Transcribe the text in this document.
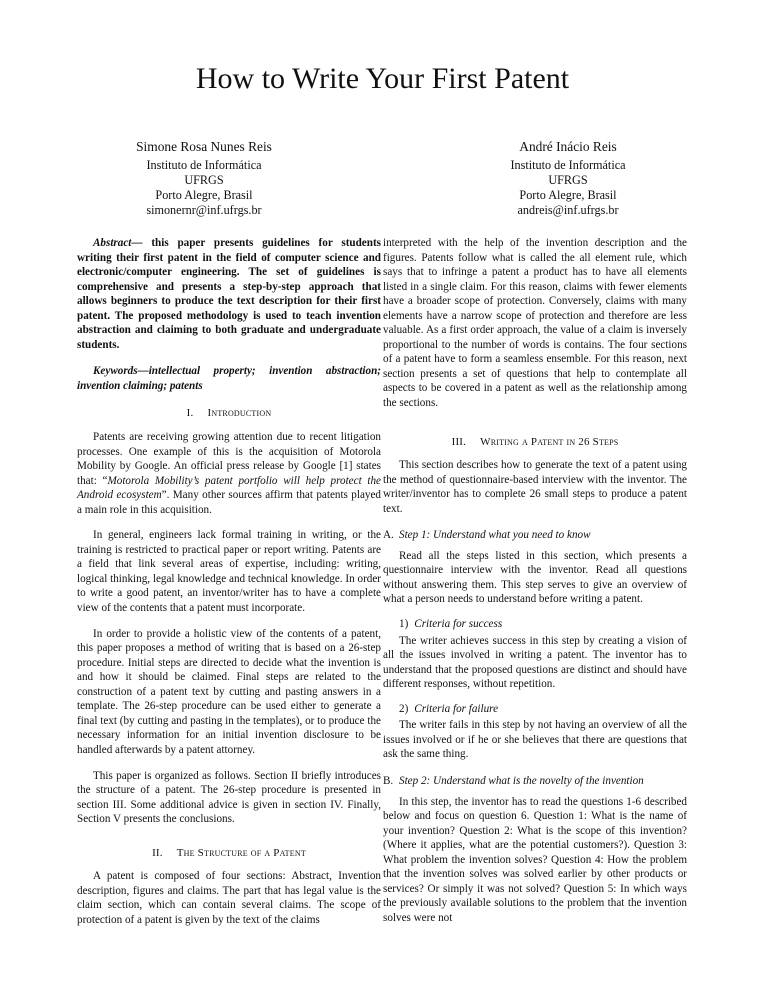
How to Write Your First Patent
Simone Rosa Nunes Reis
Instituto de Informática
UFRGS
Porto Alegre, Brasil
simonernr@inf.ufrgs.br
André Inácio Reis
Instituto de Informática
UFRGS
Porto Alegre, Brasil
andreis@inf.ufrgs.br

Abstract— this paper presents guidelines for students writing their first patent in the field of computer science and electronic/computer engineering. The set of guidelines is comprehensive and presents a step-by-step approach that allows beginners to produce the text description for their first patent. The proposed methodology is used to teach invention abstraction and claiming to both graduate and undergraduate students.

Keywords—intellectual property; invention abstraction; invention claiming; patents

I. Introduction

Patents are receiving growing attention due to recent litigation processes. One example of this is the acquisition of Motorola Mobility by Google. An official press release by Google [1] states that: “Motorola Mobility’s patent portfolio will help protect the Android ecosystem”. Many other sources affirm that patents played a main role in this acquisition.

In general, engineers lack formal training in writing, or the training is restricted to practical paper or report writing. Patents are a field that link several areas of expertise, including: writing, logical thinking, legal knowledge and technical knowledge. In order to write a good patent, an inventor/writer has to have a complete view of the contents that a patent must incorporate.

In order to provide a holistic view of the contents of a patent, this paper proposes a method of writing that is based on a 26-step procedure. Initial steps are directed to decide what the invention is and how it should be claimed. Final steps are related to the construction of a patent text by cutting and pasting answers in a template. The 26-step procedure can be used either to generate a final text (by cutting and pasting in the templates), or to produce the necessary information for an initial invention disclosure to be handled afterwards by a patent attorney.

This paper is organized as follows. Section II briefly introduces the structure of a patent. The 26-step procedure is presented in section III. Some additional advice is given in section IV. Finally, Section V presents the conclusions.

II. The Structure of a Patent

A patent is composed of four sections: Abstract, Invention description, figures and claims. The part that has legal value is the claim section, which can contain several claims. The scope of protection of a patent is given by the text of the claims

interpreted with the help of the invention description and the figures. Patents follow what is called the all element rule, which says that to infringe a patent a product has to have all elements listed in a single claim. For this reason, claims with fewer elements have a broader scope of protection. Conversely, claims with many elements have a narrow scope of protection and therefore are less valuable. As a first order approach, the value of a claim is inversely proportional to the number of words is contains. The four sections of a patent have to form a seamless ensemble. For this reason, next section presents a set of questions that help to contemplate all aspects to be covered in a patent as well as the relationship among the sections.

III. Writing a Patent in 26 Steps

This section describes how to generate the text of a patent using the method of questionnaire-based interview with the inventor. The writer/inventor has to complete 26 small steps to produce a patent text.

A. Step 1: Understand what you need to know

Read all the steps listed in this section, which presents a questionnaire interview with the inventor. Read all questions without answering them. This step serves to give an overview of what a person needs to understand before writing a patent.

1) Criteria for success

The writer achieves success in this step by creating a vision of all the issues involved in writing a patent. The inventor has to understand that the proposed questions are distinct and should have different responses, without repetition.

2) Criteria for failure

The writer fails in this step by not having an overview of all the issues involved or if he or she believes that there are questions that ask the same thing.

B. Step 2: Understand what is the novelty of the invention

In this step, the inventor has to read the questions 1-6 described below and focus on question 6. Question 1: What is the name of your invention? Question 2: What is the scope of this invention? (Where it applies, what are the potential customers?). Question 3: What problem the invention solves? Question 4: How the problem that the invention solves was solved earlier by other products or services? Or simply it was not solved? Question 5: In which ways the previously available solutions to the problem that the invention solves were not
